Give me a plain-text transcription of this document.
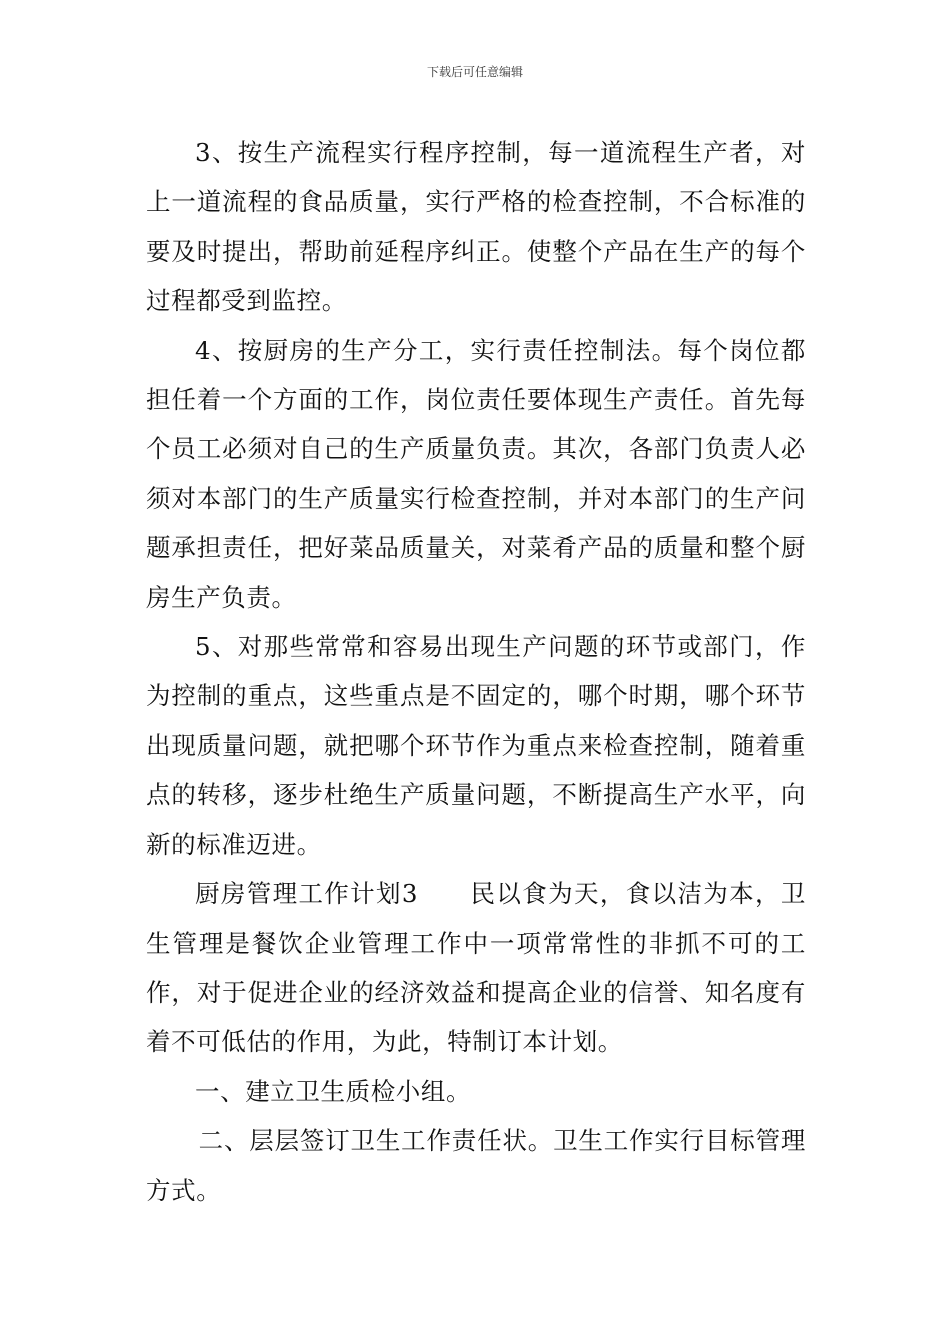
下载后可任意编辑

3、按生产流程实行程序控制，每一道流程生产者，对上一道流程的食品质量，实行严格的检查控制，不合标准的要及时提出，帮助前延程序纠正。使整个产品在生产的每个过程都受到监控。

4、按厨房的生产分工，实行责任控制法。每个岗位都担任着一个方面的工作，岗位责任要体现生产责任。首先每个员工必须对自己的生产质量负责。其次，各部门负责人必须对本部门的生产质量实行检查控制，并对本部门的生产问题承担责任，把好菜品质量关，对菜肴产品的质量和整个厨房生产负责。

5、对那些常常和容易出现生产问题的环节或部门，作为控制的重点，这些重点是不固定的，哪个时期，哪个环节出现质量问题，就把哪个环节作为重点来检查控制，随着重点的转移，逐步杜绝生产质量问题，不断提高生产水平，向新的标准迈进。

厨房管理工作计划3　　民以食为天，食以洁为本，卫生管理是餐饮企业管理工作中一项常常性的非抓不可的工作，对于促进企业的经济效益和提高企业的信誉、知名度有着不可低估的作用，为此，特制订本计划。

一、建立卫生质检小组。

二、层层签订卫生工作责任状。卫生工作实行目标管理方式。
